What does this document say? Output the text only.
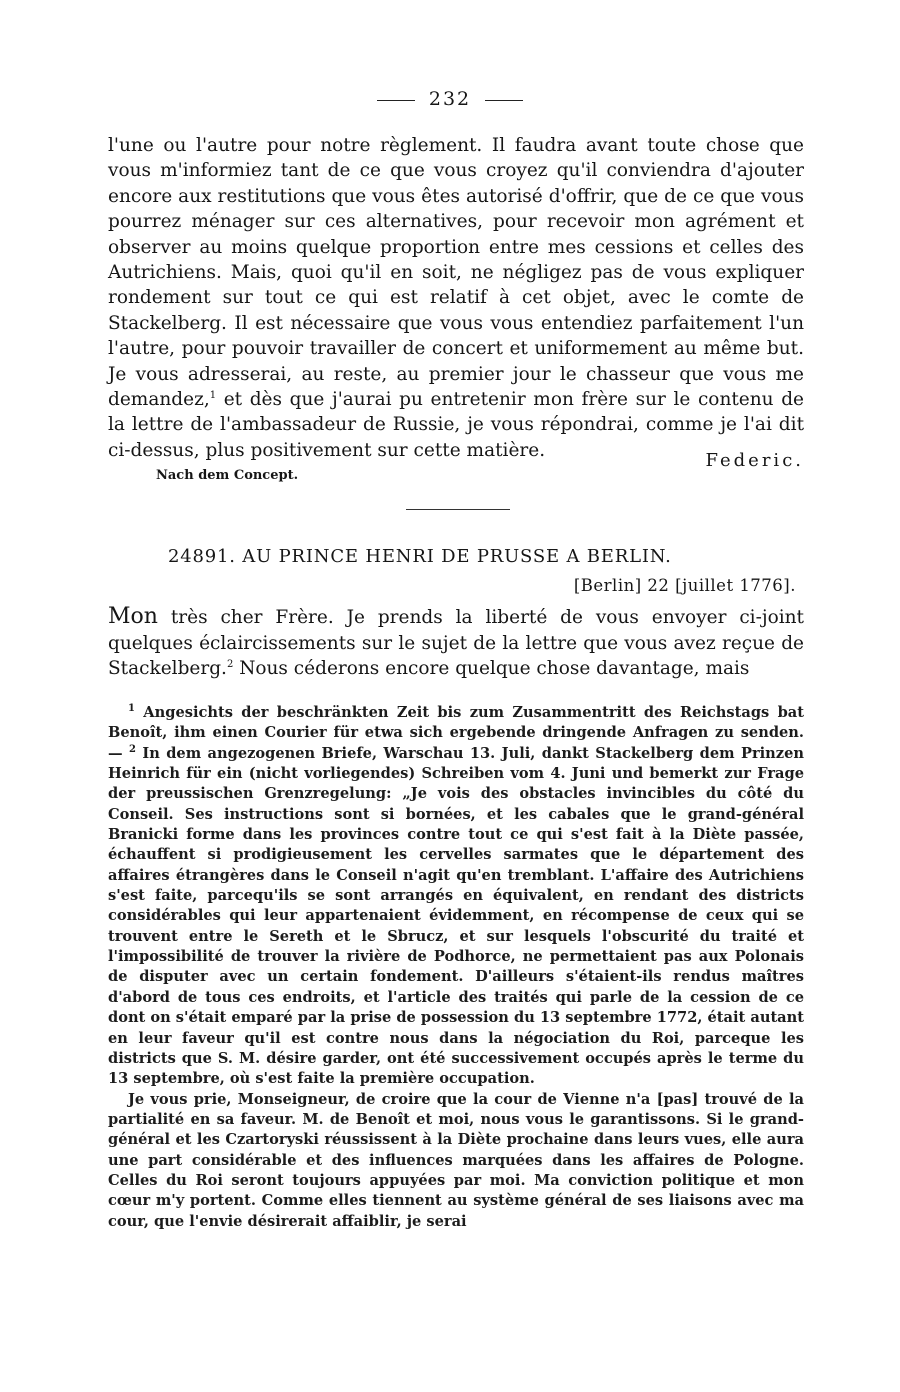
232

l'une ou l'autre pour notre règlement. Il faudra avant toute chose que vous m'informiez tant de ce que vous croyez qu'il conviendra d'ajouter encore aux restitutions que vous êtes autorisé d'offrir, que de ce que vous pourrez ménager sur ces alternatives, pour recevoir mon agrément et observer au moins quelque proportion entre mes cessions et celles des Autrichiens. Mais, quoi qu'il en soit, ne négligez pas de vous expliquer rondement sur tout ce qui est relatif à cet objet, avec le comte de Stackelberg. Il est nécessaire que vous vous entendiez parfaitement l'un l'autre, pour pouvoir travailler de concert et uniformement au même but. Je vous adresserai, au reste, au premier jour le chasseur que vous me demandez,$^1$ et dès que j'aurai pu entretenir mon frère sur le contenu de la lettre de l'ambassadeur de Russie, je vous répondrai, comme je l'ai dit ci-dessus, plus positivement sur cette matière.	Federic.
Nach dem Concept.
24891. AU PRINCE HENRI DE PRUSSE A BERLIN.
[Berlin] 22 [juillet 1776].
Mon très cher Frère. Je prends la liberté de vous envoyer ci-joint quelques éclaircissements sur le sujet de la lettre que vous avez reçue de Stackelberg.$^2$ Nous céderons encore quelque chose davantage, mais

$^1$ Angesichts der beschränkten Zeit bis zum Zusammentritt des Reichstags bat Benoît, ihm einen Courier für etwa sich ergebende dringende Anfragen zu senden. — $^2$ In dem angezogenen Briefe, Warschau 13. Juli, dankt Stackelberg dem Prinzen Heinrich für ein (nicht vorliegendes) Schreiben vom 4. Juni und bemerkt zur Frage der preussischen Grenzregelung: „Je vois des obstacles invincibles du côté du Conseil. Ses instructions sont si bornées, et les cabales que le grand-général Branicki forme dans les provinces contre tout ce qui s'est fait à la Diète passée, échauffent si prodigieusement les cervelles sarmates que le département des affaires étrangères dans le Conseil n'agit qu'en tremblant. L'affaire des Autrichiens s'est faite, parcequ'ils se sont arrangés en équivalent, en rendant des districts considérables qui leur appartenaient évidemment, en récompense de ceux qui se trouvent entre le Sereth et le Sbrucz, et sur lesquels l'obscurité du traité et l'impossibilité de trouver la rivière de Podhorce, ne permettaient pas aux Polonais de disputer avec un certain fondement. D'ailleurs s'étaient-ils rendus maîtres d'abord de tous ces endroits, et l'article des traités qui parle de la cession de ce dont on s'était emparé par la prise de possession du 13 septembre 1772, était autant en leur faveur qu'il est contre nous dans la négociation du Roi, parceque les districts que S. M. désire garder, ont été successivement occupés après le terme du 13 septembre, où s'est faite la première occupation.

Je vous prie, Monseigneur, de croire que la cour de Vienne n'a [pas] trouvé de la partialité en sa faveur. M. de Benoît et moi, nous vous le garantissons. Si le grand-général et les Czartoryski réussissent à la Diète prochaine dans leurs vues, elle aura une part considérable et des influences marquées dans les affaires de Pologne. Celles du Roi seront toujours appuyées par moi. Ma conviction politique et mon cœur m'y portent. Comme elles tiennent au système général de ses liaisons avec ma cour, que l'envie désirerait affaiblir, je serai
